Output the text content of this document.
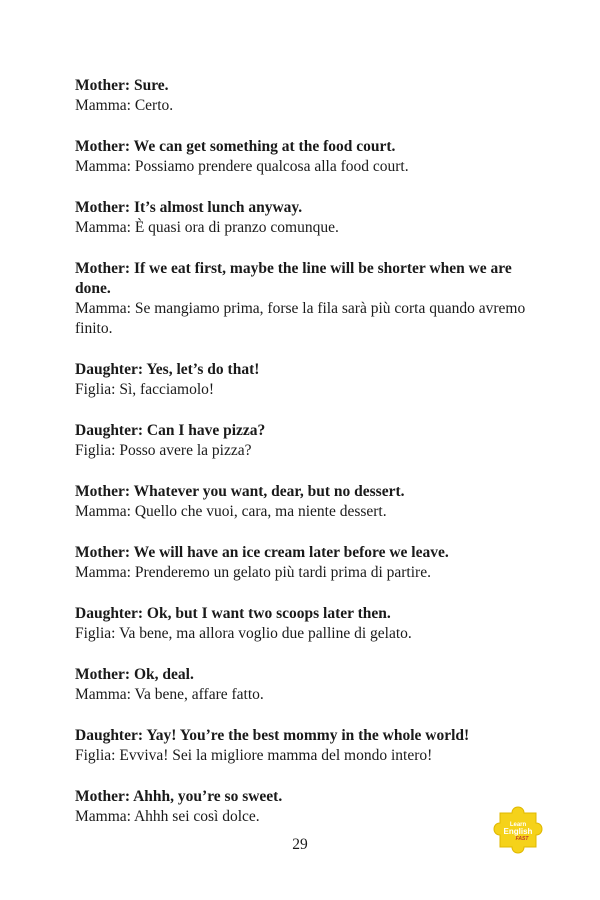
Mother: Sure.

Mamma: Certo.

Mother: We can get something at the food court.

Mamma: Possiamo prendere qualcosa alla food court.

Mother: It’s almost lunch anyway.

Mamma: È quasi ora di pranzo comunque.

Mother: If we eat first, maybe the line will be shorter when we are done.

Mamma: Se mangiamo prima, forse la fila sarà più corta quando avremo finito.

Daughter: Yes, let’s do that!

Figlia: Sì, facciamolo!

Daughter: Can I have pizza?

Figlia: Posso avere la pizza?

Mother: Whatever you want, dear, but no dessert.

Mamma: Quello che vuoi, cara, ma niente dessert.

Mother: We will have an ice cream later before we leave.

Mamma: Prenderemo un gelato più tardi prima di partire.

Daughter: Ok, but I want two scoops later then.

Figlia: Va bene, ma allora voglio due palline di gelato.

Mother: Ok, deal.

Mamma: Va bene, affare fatto.

Daughter: Yay! You’re the best mommy in the whole world!

Figlia: Evviva! Sei la migliore mamma del mondo intero!

Mother: Ahhh, you’re so sweet.

Mamma: Ahhh sei così dolce.

29
Learn
English
FAST
